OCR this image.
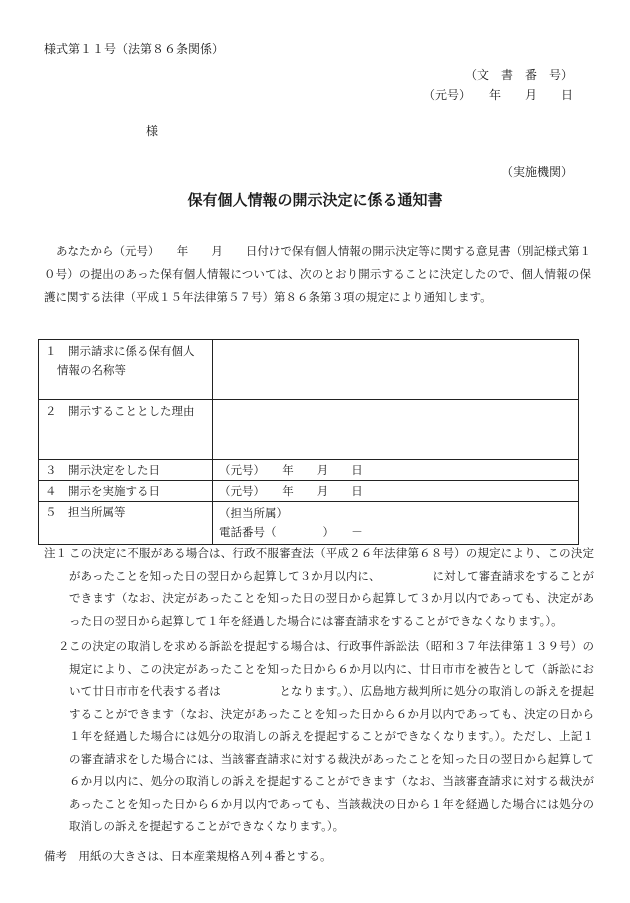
様式第１１号（法第８６条関係）
（文　書　番　号）
（元号）　　年　　月　　日
様
（実施機関）
保有個人情報の開示決定に係る通知書

あなたから（元号）　　年　　月　　日付けで保有個人情報の開示決定等に関する意見書（別記様式第１０号）の提出のあった保有個人情報については、次のとおり開示することに決定したので、個人情報の保護に関する法律（平成１５年法律第５７号）第８６条第３項の規定により通知します。

１　開示請求に係る保有個人
情報の名称等	

２　開示することとした理由	

３　開示決定をした日	（元号）　　年　　月　　日
４　開示を実施する日	（元号）　　年　　月　　日
５　担当所属等	（担当所属）
電話番号（　　　　）　　－
注１ この決定に不服がある場合は、行政不服審査法（平成２６年法律第６８号）の規定により、この決定があったことを知った日の翌日から起算して３か月以内に、　　　　　に対して審査請求をすることができます（なお、決定があったことを知った日の翌日から起算して３か月以内であっても、決定があった日の翌日から起算して１年を経過した場合には審査請求をすることができなくなります。）。
２ この決定の取消しを求める訴訟を提起する場合は、行政事件訴訟法（昭和３７年法律第１３９号）の規定により、この決定があったことを知った日から６か月以内に、廿日市市を被告として（訴訟において廿日市市を代表する者は　　　　　となります。）、広島地方裁判所に処分の取消しの訴えを提起することができます（なお、決定があったことを知った日から６か月以内であっても、決定の日から１年を経過した場合には処分の取消しの訴えを提起することができなくなります。）。ただし、上記１の審査請求をした場合には、当該審査請求に対する裁決があったことを知った日の翌日から起算して６か月以内に、処分の取消しの訴えを提起することができます（なお、当該審査請求に対する裁決があったことを知った日から６か月以内であっても、当該裁決の日から１年を経過した場合には処分の取消しの訴えを提起することができなくなります。）。
備考　用紙の大きさは、日本産業規格Ａ列４番とする。
